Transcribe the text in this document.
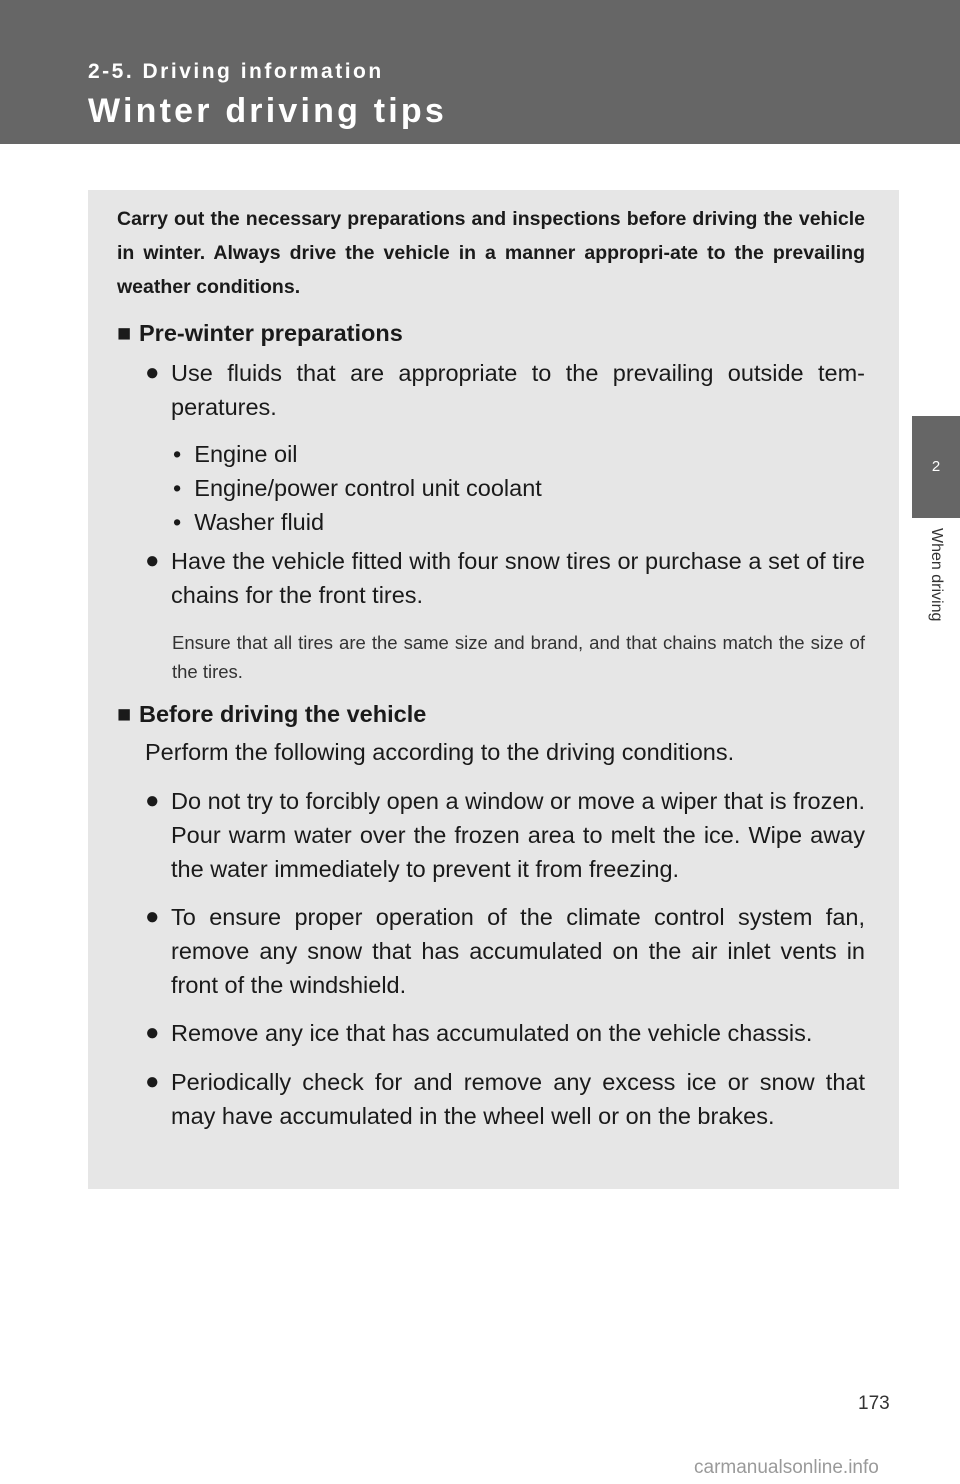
2-5. Driving information
Winter driving tips
2
When driving

Carry out the necessary preparations and inspections before driving the vehicle in winter. Always drive the vehicle in a manner appropri-ate to the prevailing weather conditions.

■ Pre-winter preparations
● Use fluids that are appropriate to the prevailing outside tem-peratures.
• Engine oil
• Engine/power control unit coolant
• Washer fluid
● Have the vehicle fitted with four snow tires or purchase a set of tire chains for the front tires.

Ensure that all tires are the same size and brand, and that chains match the size of the tires.

■ Before driving the vehicle

Perform the following according to the driving conditions.

● Do not try to forcibly open a window or move a wiper that is frozen. Pour warm water over the frozen area to melt the ice. Wipe away the water immediately to prevent it from freezing.
● To ensure proper operation of the climate control system fan, remove any snow that has accumulated on the air inlet vents in front of the windshield.
● Remove any ice that has accumulated on the vehicle chassis.
● Periodically check for and remove any excess ice or snow that may have accumulated in the wheel well or on the brakes.
173
carmanualsonline.info
